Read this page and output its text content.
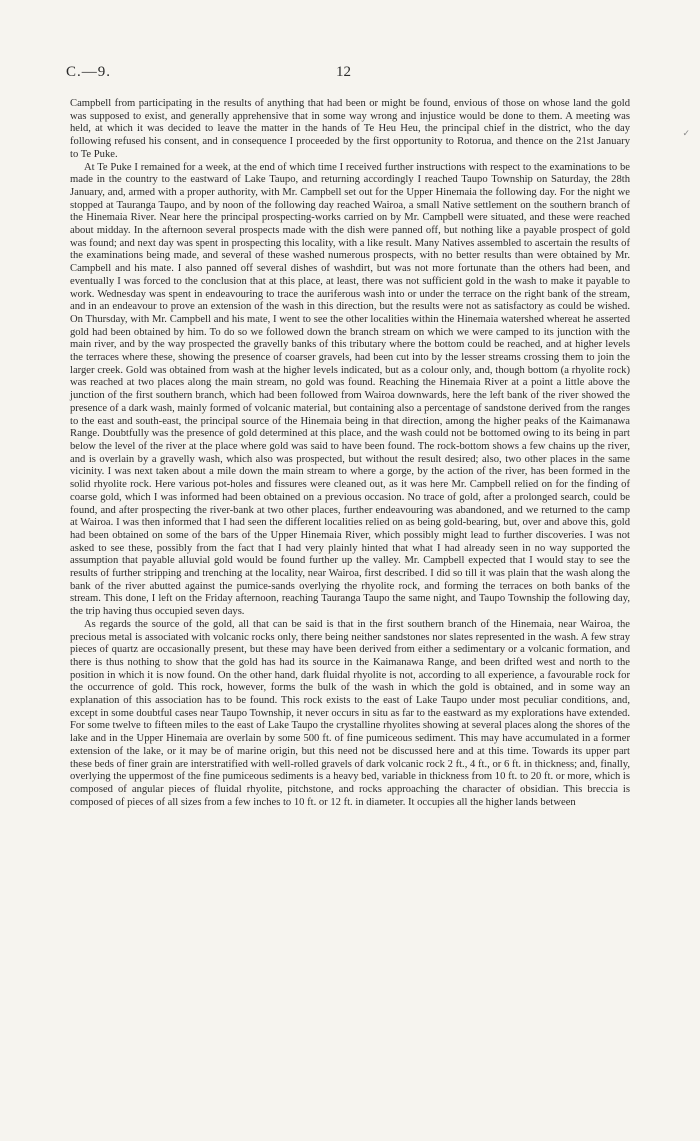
C.—9.	12
✓

Campbell from participating in the results of anything that had been or might be found, envious of those on whose land the gold was supposed to exist, and generally apprehensive that in some way wrong and injustice would be done to them. A meeting was held, at which it was decided to leave the matter in the hands of Te Heu Heu, the principal chief in the district, who the day following refused his consent, and in consequence I proceeded by the first opportunity to Rotorua, and thence on the 21st January to Te Puke.

At Te Puke I remained for a week, at the end of which time I received further instructions with respect to the examinations to be made in the country to the eastward of Lake Taupo, and returning accordingly I reached Taupo Township on Saturday, the 28th January, and, armed with a proper authority, with Mr. Campbell set out for the Upper Hinemaia the following day. For the night we stopped at Tauranga Taupo, and by noon of the following day reached Wairoa, a small Native settlement on the southern branch of the Hinemaia River. Near here the principal prospecting-works carried on by Mr. Campbell were situated, and these were reached about midday. In the afternoon several prospects made with the dish were panned off, but nothing like a payable prospect of gold was found; and next day was spent in prospecting this locality, with a like result. Many Natives assembled to ascertain the results of the examinations being made, and several of these washed numerous prospects, with no better results than were obtained by Mr. Campbell and his mate. I also panned off several dishes of washdirt, but was not more fortunate than the others had been, and eventually I was forced to the conclusion that at this place, at least, there was not sufficient gold in the wash to make it payable to work. Wednesday was spent in endeavouring to trace the auriferous wash into or under the terrace on the right bank of the stream, and in an endeavour to prove an extension of the wash in this direction, but the results were not as satisfactory as could be wished. On Thursday, with Mr. Campbell and his mate, I went to see the other localities within the Hinemaia watershed whereat he asserted gold had been obtained by him. To do so we followed down the branch stream on which we were camped to its junction with the main river, and by the way prospected the gravelly banks of this tributary where the bottom could be reached, and at higher levels the terraces where these, showing the presence of coarser gravels, had been cut into by the lesser streams crossing them to join the larger creek. Gold was obtained from wash at the higher levels indicated, but as a colour only, and, though bottom (a rhyolite rock) was reached at two places along the main stream, no gold was found. Reaching the Hinemaia River at a point a little above the junction of the first southern branch, which had been followed from Wairoa downwards, here the left bank of the river showed the presence of a dark wash, mainly formed of volcanic material, but containing also a percentage of sandstone derived from the ranges to the east and south-east, the principal source of the Hinemaia being in that direction, among the higher peaks of the Kaimanawa Range. Doubtfully was the presence of gold determined at this place, and the wash could not be bottomed owing to its being in part below the level of the river at the place where gold was said to have been found. The rock-bottom shows a few chains up the river, and is overlain by a gravelly wash, which also was prospected, but without the result desired; also, two other places in the same vicinity. I was next taken about a mile down the main stream to where a gorge, by the action of the river, has been formed in the solid rhyolite rock. Here various pot-holes and fissures were cleaned out, as it was here Mr. Campbell relied on for the finding of coarse gold, which I was informed had been obtained on a previous occasion. No trace of gold, after a prolonged search, could be found, and after prospecting the river-bank at two other places, further endeavouring was abandoned, and we returned to the camp at Wairoa. I was then informed that I had seen the different localities relied on as being gold-bearing, but, over and above this, gold had been obtained on some of the bars of the Upper Hinemaia River, which possibly might lead to further discoveries. I was not asked to see these, possibly from the fact that I had very plainly hinted that what I had already seen in no way supported the assumption that payable alluvial gold would be found further up the valley. Mr. Campbell expected that I would stay to see the results of further stripping and trenching at the locality, near Wairoa, first described. I did so till it was plain that the wash along the bank of the river abutted against the pumice-sands overlying the rhyolite rock, and forming the terraces on both banks of the stream. This done, I left on the Friday afternoon, reaching Tauranga Taupo the same night, and Taupo Township the following day, the trip having thus occupied seven days.

As regards the source of the gold, all that can be said is that in the first southern branch of the Hinemaia, near Wairoa, the precious metal is associated with volcanic rocks only, there being neither sandstones nor slates represented in the wash. A few stray pieces of quartz are occasionally present, but these may have been derived from either a sedimentary or a volcanic formation, and there is thus nothing to show that the gold has had its source in the Kaimanawa Range, and been drifted west and north to the position in which it is now found. On the other hand, dark fluidal rhyolite is not, according to all experience, a favourable rock for the occurrence of gold. This rock, however, forms the bulk of the wash in which the gold is obtained, and in some way an explanation of this association has to be found. This rock exists to the east of Lake Taupo under most peculiar conditions, and, except in some doubtful cases near Taupo Township, it never occurs in situ as far to the eastward as my explorations have extended. For some twelve to fifteen miles to the east of Lake Taupo the crystalline rhyolites showing at several places along the shores of the lake and in the Upper Hinemaia are overlain by some 500 ft. of fine pumiceous sediment. This may have accumulated in a former extension of the lake, or it may be of marine origin, but this need not be discussed here and at this time. Towards its upper part these beds of finer grain are interstratified with well-rolled gravels of dark volcanic rock 2 ft., 4 ft., or 6 ft. in thickness; and, finally, overlying the uppermost of the fine pumiceous sediments is a heavy bed, variable in thickness from 10 ft. to 20 ft. or more, which is composed of angular pieces of fluidal rhyolite, pitchstone, and rocks approaching the character of obsidian. This breccia is composed of pieces of all sizes from a few inches to 10 ft. or 12 ft. in diameter. It occupies all the higher lands between
